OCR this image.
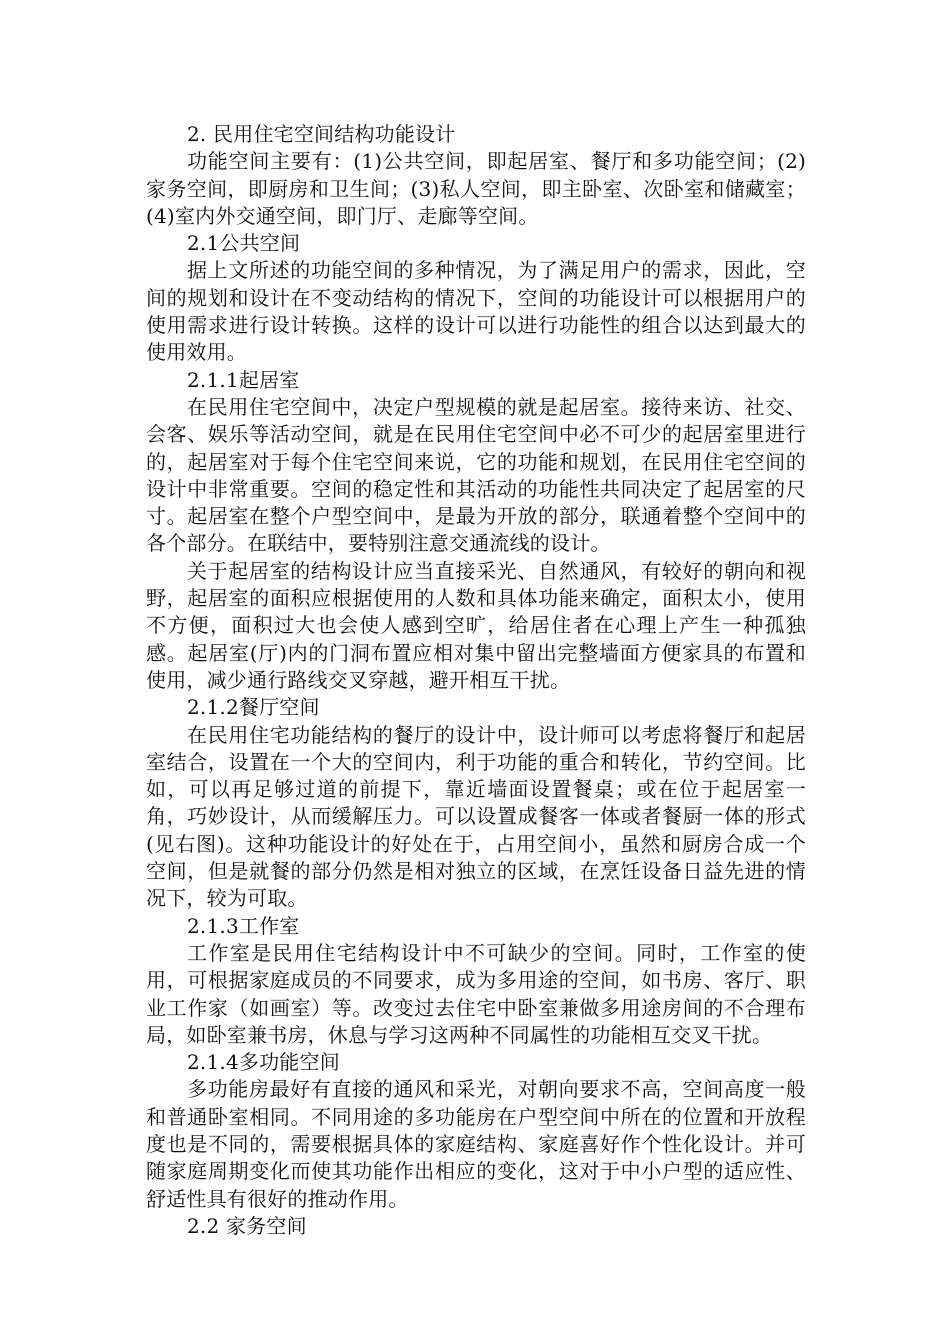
2. 民用住宅空间结构功能设计

功能空间主要有：(1)公共空间，即起居室、餐厅和多功能空间；(2)家务空间，即厨房和卫生间；(3)私人空间，即主卧室、次卧室和储藏室；(4)室内外交通空间，即门厅、走廊等空间。

2.1公共空间

据上文所述的功能空间的多种情况，为了满足用户的需求，因此，空间的规划和设计在不变动结构的情况下，空间的功能设计可以根据用户的使用需求进行设计转换。这样的设计可以进行功能性的组合以达到最大的使用效用。

2.1.1起居室

在民用住宅空间中，决定户型规模的就是起居室。接待来访、社交、会客、娱乐等活动空间，就是在民用住宅空间中必不可少的起居室里进行的，起居室对于每个住宅空间来说，它的功能和规划，在民用住宅空间的设计中非常重要。空间的稳定性和其活动的功能性共同决定了起居室的尺寸。起居室在整个户型空间中，是最为开放的部分，联通着整个空间中的各个部分。在联结中，要特别注意交通流线的设计。

关于起居室的结构设计应当直接采光、自然通风，有较好的朝向和视野，起居室的面积应根据使用的人数和具体功能来确定，面积太小，使用不方便，面积过大也会使人感到空旷，给居住者在心理上产生一种孤独感。起居室(厅)内的门洞布置应相对集中留出完整墙面方便家具的布置和使用，减少通行路线交叉穿越，避开相互干扰。

2.1.2餐厅空间

在民用住宅功能结构的餐厅的设计中，设计师可以考虑将餐厅和起居室结合，设置在一个大的空间内，利于功能的重合和转化，节约空间。比如，可以再足够过道的前提下，靠近墙面设置餐桌；或在位于起居室一角，巧妙设计，从而缓解压力。可以设置成餐客一体或者餐厨一体的形式(见右图)。这种功能设计的好处在于，占用空间小，虽然和厨房合成一个空间，但是就餐的部分仍然是相对独立的区域，在烹饪设备日益先进的情况下，较为可取。

2.1.3工作室

工作室是民用住宅结构设计中不可缺少的空间。同时，工作室的使用，可根据家庭成员的不同要求，成为多用途的空间，如书房、客厅、职业工作家（如画室）等。改变过去住宅中卧室兼做多用途房间的不合理布局，如卧室兼书房，休息与学习这两种不同属性的功能相互交叉干扰。

2.1.4多功能空间

多功能房最好有直接的通风和采光，对朝向要求不高，空间高度一般和普通卧室相同。不同用途的多功能房在户型空间中所在的位置和开放程度也是不同的，需要根据具体的家庭结构、家庭喜好作个性化设计。并可随家庭周期变化而使其功能作出相应的变化，这对于中小户型的适应性、舒适性具有很好的推动作用。

2.2 家务空间
